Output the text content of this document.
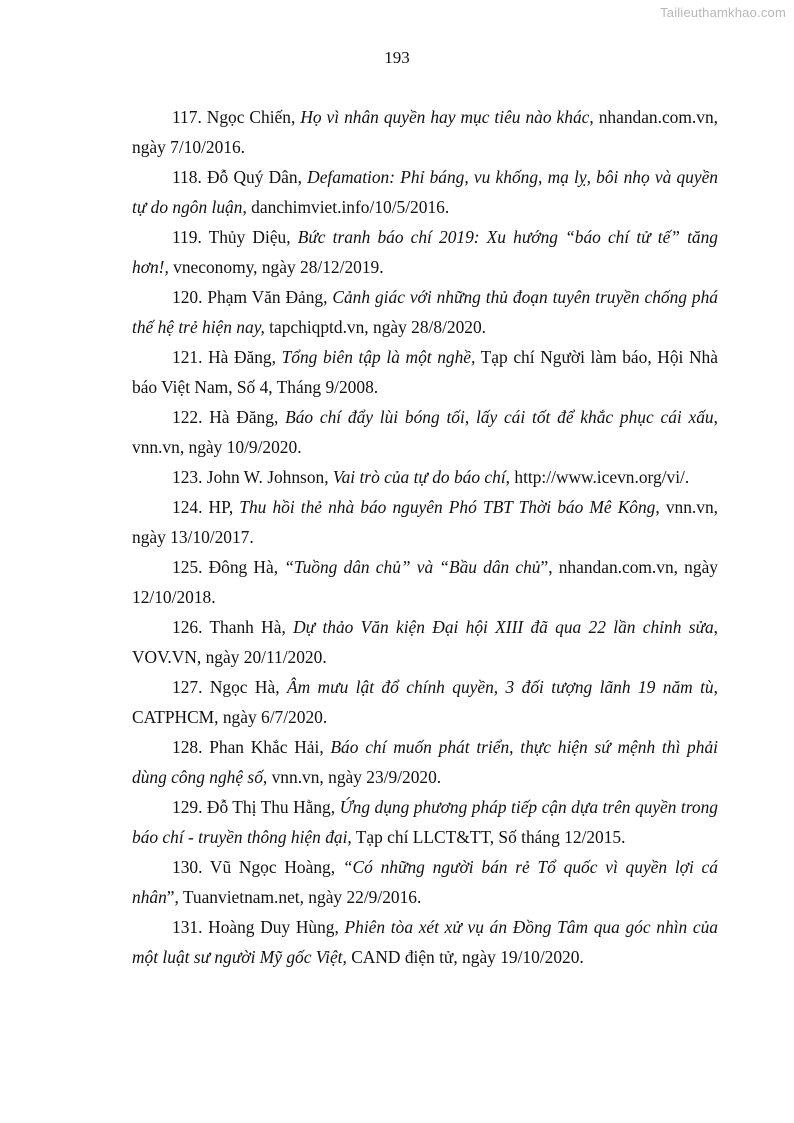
Tailieuthamkhao.com
193

117. Ngọc Chiến, Họ vì nhân quyền hay mục tiêu nào khác, nhandan.com.vn, ngày 7/10/2016.

118. Đỗ Quý Dân, Defamation: Phỉ báng, vu khống, mạ lỵ, bôi nhọ và quyền tự do ngôn luận, danchimviet.info/10/5/2016.

119. Thủy Diệu, Bức tranh báo chí 2019: Xu hướng “báo chí tử tế” tăng hơn!, vneconomy, ngày 28/12/2019.

120. Phạm Văn Đảng, Cảnh giác với những thủ đoạn tuyên truyền chống phá thế hệ trẻ hiện nay, tapchiqptd.vn, ngày 28/8/2020.

121. Hà Đăng, Tổng biên tập là một nghề, Tạp chí Người làm báo, Hội Nhà báo Việt Nam, Số 4, Tháng 9/2008.

122. Hà Đăng, Báo chí đẩy lùi bóng tối, lấy cái tốt để khắc phục cái xấu, vnn.vn, ngày 10/9/2020.

123. John W. Johnson, Vai trò của tự do báo chí, http://www.icevn.org/vi/.

124. HP, Thu hồi thẻ nhà báo nguyên Phó TBT Thời báo Mê Kông, vnn.vn, ngày 13/10/2017.

125. Đông Hà, “Tuồng dân chủ” và “Bầu dân chủ”, nhandan.com.vn, ngày 12/10/2018.

126. Thanh Hà, Dự thảo Văn kiện Đại hội XIII đã qua 22 lần chỉnh sửa, VOV.VN, ngày 20/11/2020.

127. Ngọc Hà, Âm mưu lật đổ chính quyền, 3 đối tượng lãnh 19 năm tù, CATPHCM, ngày 6/7/2020.

128. Phan Khắc Hải, Báo chí muốn phát triển, thực hiện sứ mệnh thì phải dùng công nghệ số, vnn.vn, ngày 23/9/2020.

129. Đỗ Thị Thu Hằng, Ứng dụng phương pháp tiếp cận dựa trên quyền trong báo chí - truyền thông hiện đại, Tạp chí LLCT&TT, Số tháng 12/2015.

130. Vũ Ngọc Hoàng, “Có những người bán rẻ Tổ quốc vì quyền lợi cá nhân”, Tuanvietnam.net, ngày 22/9/2016.

131. Hoàng Duy Hùng, Phiên tòa xét xử vụ án Đồng Tâm qua góc nhìn của một luật sư người Mỹ gốc Việt, CAND điện tử, ngày 19/10/2020.
